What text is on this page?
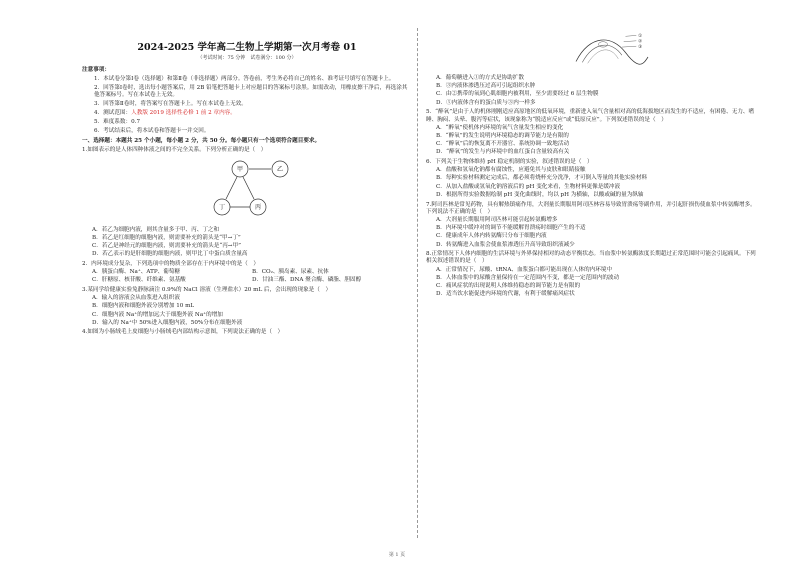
2024-2025 学年高二生物上学期第一次月考卷 01
（考试时间：75 分钟　试卷满分：100 分）
注意事项：
1．本试卷分第Ⅰ卷（选择题）和第Ⅱ卷（非选择题）两部分。答卷前，考生务必将自己的姓名、准考证号填写在答题卡上。
2．回答第Ⅰ卷时，选出每小题答案后，用 2B 铅笔把答题卡上对应题目的答案标号涂黑。如需改动，用橡皮擦干净后，再选涂其他答案标号。写在本试卷上无效。
3．回答第Ⅱ卷时，将答案写在答题卡上。写在本试卷上无效。
4．测试范围：人教版 2019 选择性必修 1 前 2 章内容。
5．难度系数：0.7
6．考试结束后，将本试卷和答题卡一并交回。
一、选择题：本题共 25 个小题，每小题 2 分，共 50 分。每小题只有一个选项符合题目要求。
1.如图表示的是人体四种体液之间的不完全关系。下列分析正确的是（　）
甲	乙
丁	丙
A．若乙为细胞内液，则其含量多于甲、丙、丁之和
B．若乙是红细胞的细胞内液，则需要补充的箭头是“甲→丁”
C．若乙是神经元的细胞内液，则需要补充的箭头是“丙→甲”
D．若乙表示的是肝细胞的细胞内液，则甲比丁中蛋白质含量高
2．内环境成分复杂，下列选项中的物质全部存在于内环境中的是（　）
A．胰蛋白酶、Na⁺、ATP、葡萄糖	B．CO₂、胰岛素、尿素、抗体
C．肝糖原、核苷酸、纤维素、氨基酸	D．甘油三酯、DNA 聚合酶、磷脂、胆固醇
3.某同学给健康实验兔静脉滴注 0.9%的 NaCl 溶液（生理盐水）20 mL 后，会出现的现象是（　）
A．输入的溶液会从血浆进入组织液
B．细胞内液和细胞外液分别增加 10 mL
C．细胞内液 Na⁺的增加远大于细胞外液 Na⁺的增加
D．输入的 Na⁺中 50%进入细胞内液，50%分布在细胞外液
4.如图为小肠绒毛上皮细胞与小肠绒毛内部结构示意图，下列说法正确的是（　）
①
②
③
A．葡萄糖进入①的方式是协助扩散
B．③内液体渗透压过高可引起组织水肿
C．由②携带的氧到心肌细胞内被利用，至少需要经过 6 层生物膜
D．⑤内液体含有的蛋白质与③内一样多
5．“醉氧”是由于人的机体刚刚适应高原地区的低氧环境，重新进入氧气含量相对高的低海拔地区而发生的不适应，有困倦、无力、嗜睡、胸闷、头晕、腹泻等症状，该现象称为“脱适应反应”或“低原反应”。下列叙述错误的是（　）
A．“醉氧”使机体内环境的氧气含量发生相应的变化
B．“醉氧”的发生说明内环境稳态的调节能力是有限的
C．“醉氧”后的恢复离不开器官、系统协调一致地活动
D．“醉氧”的发生与内环境中的血红蛋白含量较高有关
6．下列关于生物体维持 pH 稳定机制的实验，叙述错误的是（　）
A．盐酸和氢氧化钠都有腐蚀性，应避免其与皮肤和眼睛接触
B．每种实验材料测定完成后，都必须将烧杯充分洗净，才可倒入等量的其他实验材料
C．从加入盐酸或氢氧化钠溶液后的 pH 变化来看，生物材料更像是缓冲液
D．根据所得实验数据绘制 pH 变化曲线时，均以 pH 为横轴，以酸或碱的量为纵轴
7.阿司匹林是常见药物，具有解热镇痛作用，大剂量长期服用阿司匹林容易导致胃溃疡等副作用，并引起肝损伤使血浆中转氨酶增多。下列说法不正确的是（　）
A．大剂量长期服用阿司匹林可能引起转氨酶增多
B．内环境中缓冲对的调节不能缓解胃溃疡时细胞产生的不适
C．健康成年人体内转氨酶只分布于细胞内液
D．转氨酶进入血浆会使血浆渗透压升高导致组织液减少
8.正常情况下人体内细胞的生活环境与外界保持相对的动态平衡状态。当血浆中转氨酶浓度长期超过正常范围时可能会引起痛风。下列相关叙述错误的是（　）
A．正常情况下，尿酸、tRNA、血浆蛋白都可能出现在人体的内环境中
B．人体血浆中的尿酸含量保持在一定范围内不变，都是一定范围内的波动
C．痛风症状的出现说明人体维持稳态的调节能力是有限的
D．适当饮水能促进内环境的代谢，有利于缓解痛风症状
第 1 页
